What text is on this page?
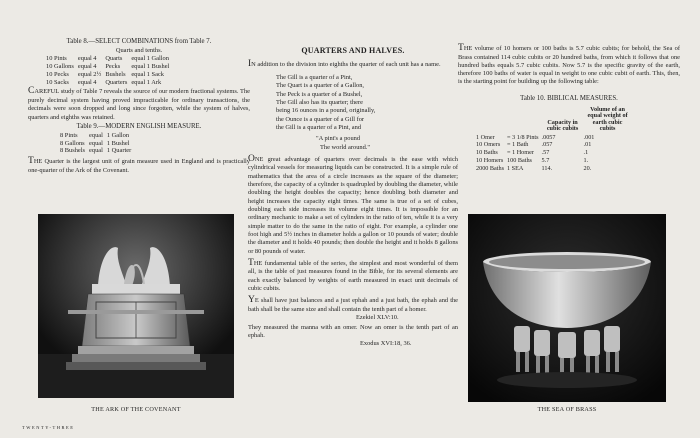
Table 8.—SELECT COMBINATIONS from Table 7.
Quarts and tenths.
10 Pints	equal 4	Quarts	equal 1 Gallon
10 Gallons	equal 4	Pecks	equal 1 Bushel
10 Pecks	equal 2½	Bushels	equal 1 Sack
10 Sacks	equal 4	Quarters	equal 1 Ark

CAREFUL study of Table 7 reveals the source of our modern fractional systems. The purely decimal system having proved impracticable for ordinary transactions, the decimals were soon dropped and long since forgotten, while the system of halves, quarters and eighths was retained.

Table 9.—MODERN ENGLISH MEASURE.
8 Pints	equal	1 Gallon
8 Gallons	equal	1 Bushel
8 Bushels	equal	1 Quarter

THE Quarter is the largest unit of grain measure used in England and is practically one-quarter of the Ark of the Covenant.

THE ARK OF THE COVENANT
TWENTY-THREE
QUARTERS AND HALVES.

IN addition to the division into eighths the quarter of each unit has a name.

The Gill is a quarter of a Pint,
The Quart is a quarter of a Gallon,
The Peck is a quarter of a Bushel,
The Gill also has its quarter; there
being 16 ounces in a pound, originally,
the Ounce is a quarter of a Gill for
the Gill is a quarter of a Pint, and
"A pint's a pound
The world around."

ONE great advantage of quarters over decimals is the ease with which cylindrical vessels for measuring liquids can be constructed. It is a simple rule of mathematics that the area of a circle increases as the square of the diameter; therefore, the capacity of a cylinder is quadrupled by doubling the diameter, while doubling the height doubles the capacity; hence doubling both diameter and height increases the capacity eight times. The same is true of a set of cubes, doubling each side increases its volume eight times. It is impossible for an ordinary mechanic to make a set of cylinders in the ratio of ten, while it is a very simple matter to do the same in the ratio of eight. For example, a cylinder one foot high and 5½ inches in diameter holds a gallon or 10 pounds of water; double the diameter and it holds 40 pounds; then double the height and it holds 8 gallons or 80 pounds of water.

THE fundamental table of the series, the simplest and most wonderful of them all, is the table of just measures found in the Bible, for its several elements are each exactly balanced by weights of earth measured in exact unit decimals of cubic cubits.

YE shall have just balances and a just ephah and a just bath, the ephah and the bath shall be the same size and shall contain the tenth part of a homer.

Ezekiel XLV:10.

They measured the manna with an omer. Now an omer is the tenth part of an ephah.

Exodus XVI:18, 36.

THE volume of 10 homers or 100 baths is 5.7 cubic cubits; for behold, the Sea of Brass contained 114 cubic cubits or 20 hundred baths, from which it follows that one hundred baths equals 5.7 cubic cubits. Now 5.7 is the specific gravity of the earth, therefore 100 baths of water is equal in weight to one cubic cubit of earth. This, then, is the starting point for building up the following table:

Table 10. BIBLICAL MEASURES.
		Capacity in cubic cubits	Volume of an equal weight of earth cubic cubits
1 Omer	= 3 1/8 Pints	.0057	.001
10 Omers	= 1 Bath	.057	.01
10 Baths	= 1 Homer	.57	.1
10 Homers	100 Baths	5.7	1.
2000 Baths	1 SEA	114.	20.
THE SEA OF BRASS
